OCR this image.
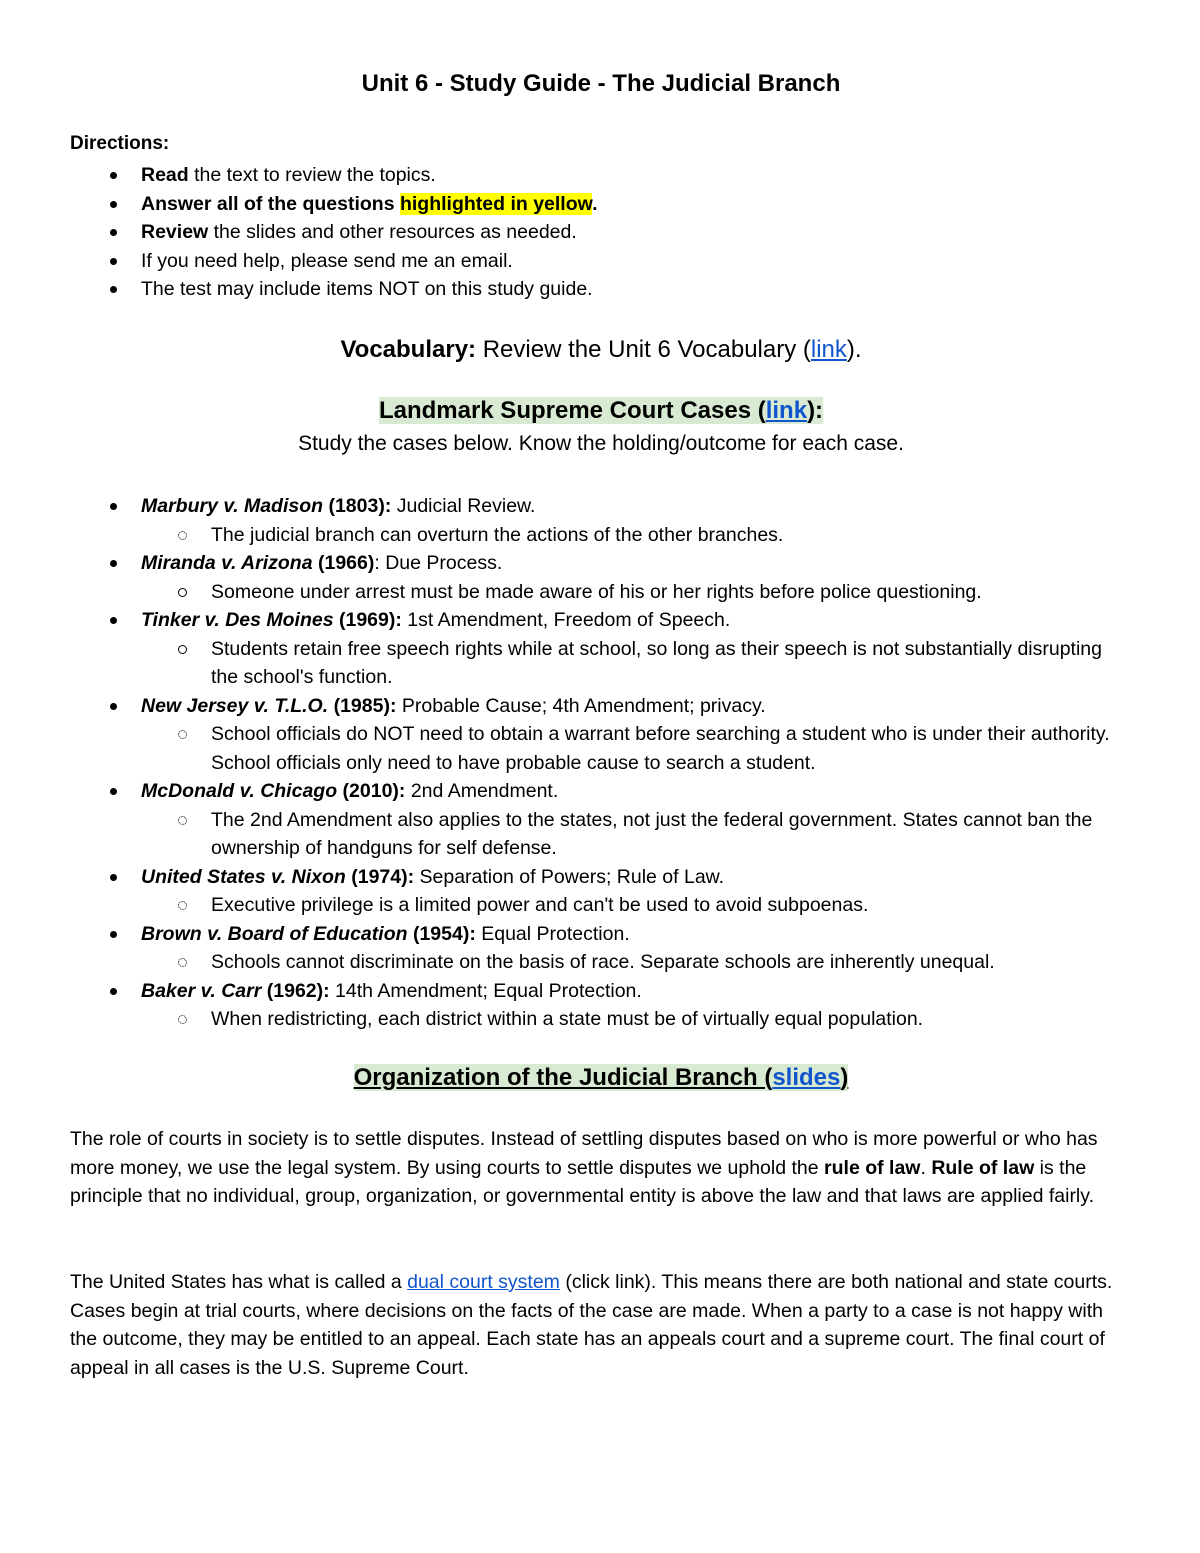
Unit 6 - Study Guide - The Judicial Branch
Directions:
Read the text to review the topics.
Answer all of the questions highlighted in yellow.
Review the slides and other resources as needed.
If you need help, please send me an email.
The test may include items NOT on this study guide.
Vocabulary: Review the Unit 6 Vocabulary (link).
Landmark Supreme Court Cases (link):
Study the cases below. Know the holding/outcome for each case.
Marbury v. Madison (1803): Judicial Review.
The judicial branch can overturn the actions of the other branches.
Miranda v. Arizona (1966): Due Process.
Someone under arrest must be made aware of his or her rights before police questioning.
Tinker v. Des Moines (1969): 1st Amendment, Freedom of Speech.
Students retain free speech rights while at school, so long as their speech is not substantially disrupting the school's function.
New Jersey v. T.L.O. (1985): Probable Cause; 4th Amendment; privacy.
School officials do NOT need to obtain a warrant before searching a student who is under their authority. School officials only need to have probable cause to search a student.
McDonald v. Chicago (2010): 2nd Amendment.
The 2nd Amendment also applies to the states, not just the federal government. States cannot ban the ownership of handguns for self defense.
United States v. Nixon (1974): Separation of Powers; Rule of Law.
Executive privilege is a limited power and can't be used to avoid subpoenas.
Brown v. Board of Education (1954): Equal Protection.
Schools cannot discriminate on the basis of race. Separate schools are inherently unequal.
Baker v. Carr (1962): 14th Amendment; Equal Protection.
When redistricting, each district within a state must be of virtually equal population.
Organization of the Judicial Branch (slides)

The role of courts in society is to settle disputes. Instead of settling disputes based on who is more powerful or who has more money, we use the legal system. By using courts to settle disputes we uphold the rule of law. Rule of law is the principle that no individual, group, organization, or governmental entity is above the law and that laws are applied fairly.

The United States has what is called a dual court system (click link). This means there are both national and state courts. Cases begin at trial courts, where decisions on the facts of the case are made. When a party to a case is not happy with the outcome, they may be entitled to an appeal. Each state has an appeals court and a supreme court. The final court of appeal in all cases is the U.S. Supreme Court.
